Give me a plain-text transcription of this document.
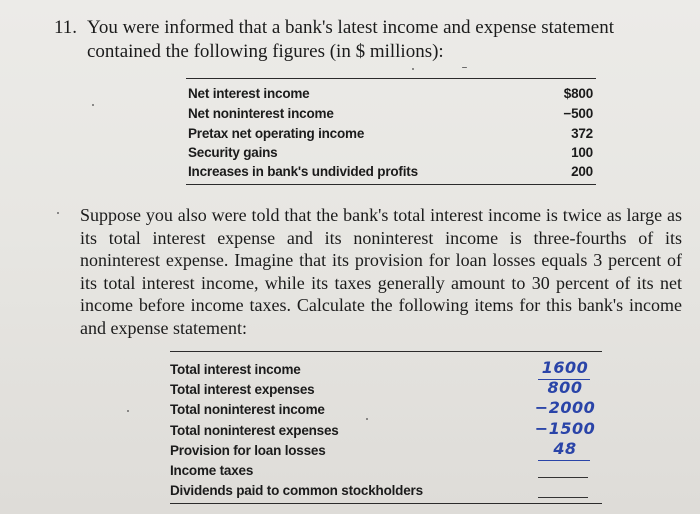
11. You were informed that a bank's latest income and expense statement contained the following figures (in $ millions):
Net interest income	$800
Net noninterest income	−500
Pretax net operating income	372
Security gains	100
Increases in bank's undivided profits	200
Suppose you also were told that the bank's total interest income is twice as large as its total interest expense and its noninterest income is three-fourths of its noninterest expense. Imagine that its provision for loan losses equals 3 percent of its total interest income, while its taxes generally amount to 30 percent of its net income before income taxes. Calculate the following items for this bank's income and expense statement:
Total interest income	1600
Total interest expenses	800
Total noninterest income	−2000
Total noninterest expenses	−1500
Provision for loan losses	48
Income taxes
Dividends paid to common stockholders
